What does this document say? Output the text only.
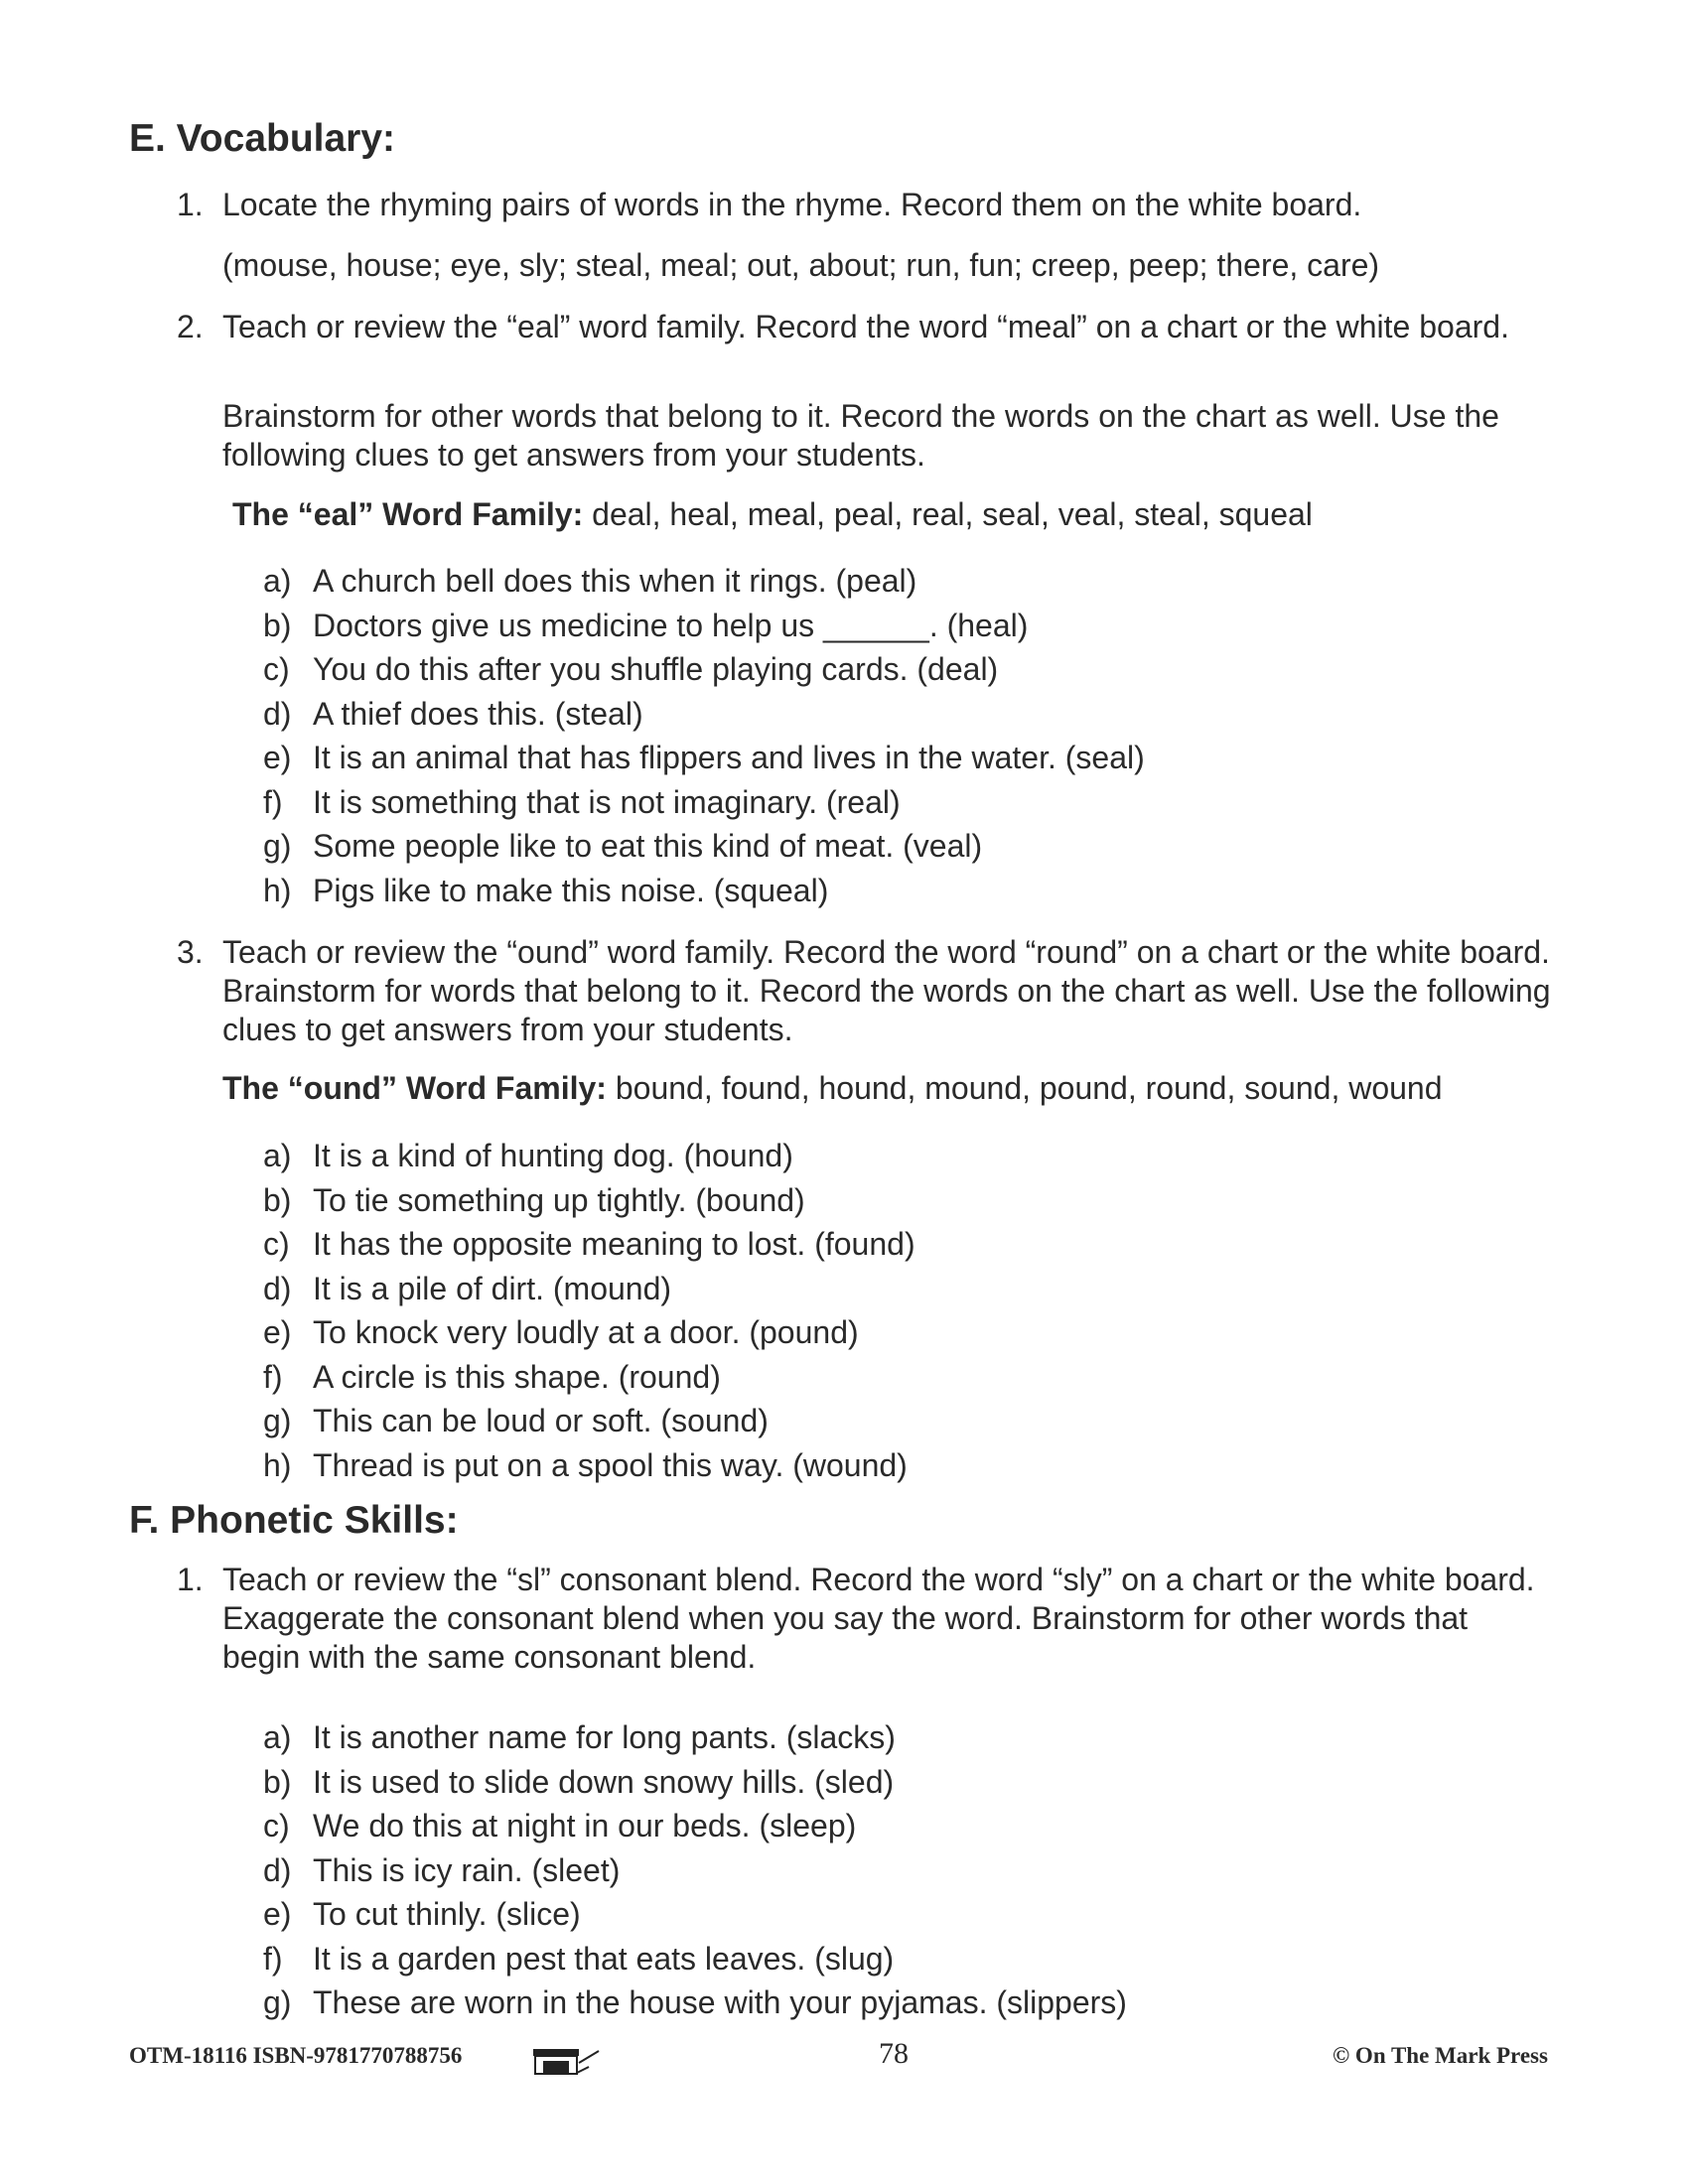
E. Vocabulary:
1. Locate the rhyming pairs of words in the rhyme. Record them on the white board.
(mouse, house; eye, sly; steal, meal; out, about; run, fun; creep, peep; there, care)
2. Teach or review the “eal” word family. Record the word “meal” on a chart or the white board.
Brainstorm for other words that belong to it. Record the words on the chart as well. Use the following clues to get answers from your students.
The “eal” Word Family: deal, heal, meal, peal, real, seal, veal, steal, squeal
a) A church bell does this when it rings. (peal)
b) Doctors give us medicine to help us ______. (heal)
c) You do this after you shuffle playing cards. (deal)
d) A thief does this. (steal)
e) It is an animal that has flippers and lives in the water. (seal)
f) It is something that is not imaginary. (real)
g) Some people like to eat this kind of meat. (veal)
h) Pigs like to make this noise. (squeal)
3. Teach or review the “ound” word family. Record the word “round” on a chart or the white board. Brainstorm for words that belong to it. Record the words on the chart as well. Use the following clues to get answers from your students.
The “ound” Word Family: bound, found, hound, mound, pound, round, sound, wound
a) It is a kind of hunting dog. (hound)
b) To tie something up tightly. (bound)
c) It has the opposite meaning to lost. (found)
d) It is a pile of dirt. (mound)
e) To knock very loudly at a door. (pound)
f) A circle is this shape. (round)
g) This can be loud or soft. (sound)
h) Thread is put on a spool this way. (wound)
F. Phonetic Skills:
1. Teach or review the “sl” consonant blend. Record the word “sly” on a chart or the white board. Exaggerate the consonant blend when you say the word. Brainstorm for other words that begin with the same consonant blend.
a) It is another name for long pants. (slacks)
b) It is used to slide down snowy hills. (sled)
c) We do this at night in our beds. (sleep)
d) This is icy rain. (sleet)
e) To cut thinly. (slice)
f) It is a garden pest that eats leaves. (slug)
g) These are worn in the house with your pyjamas. (slippers)
OTM-18116 ISBN-9781770788756	78	© On The Mark Press
